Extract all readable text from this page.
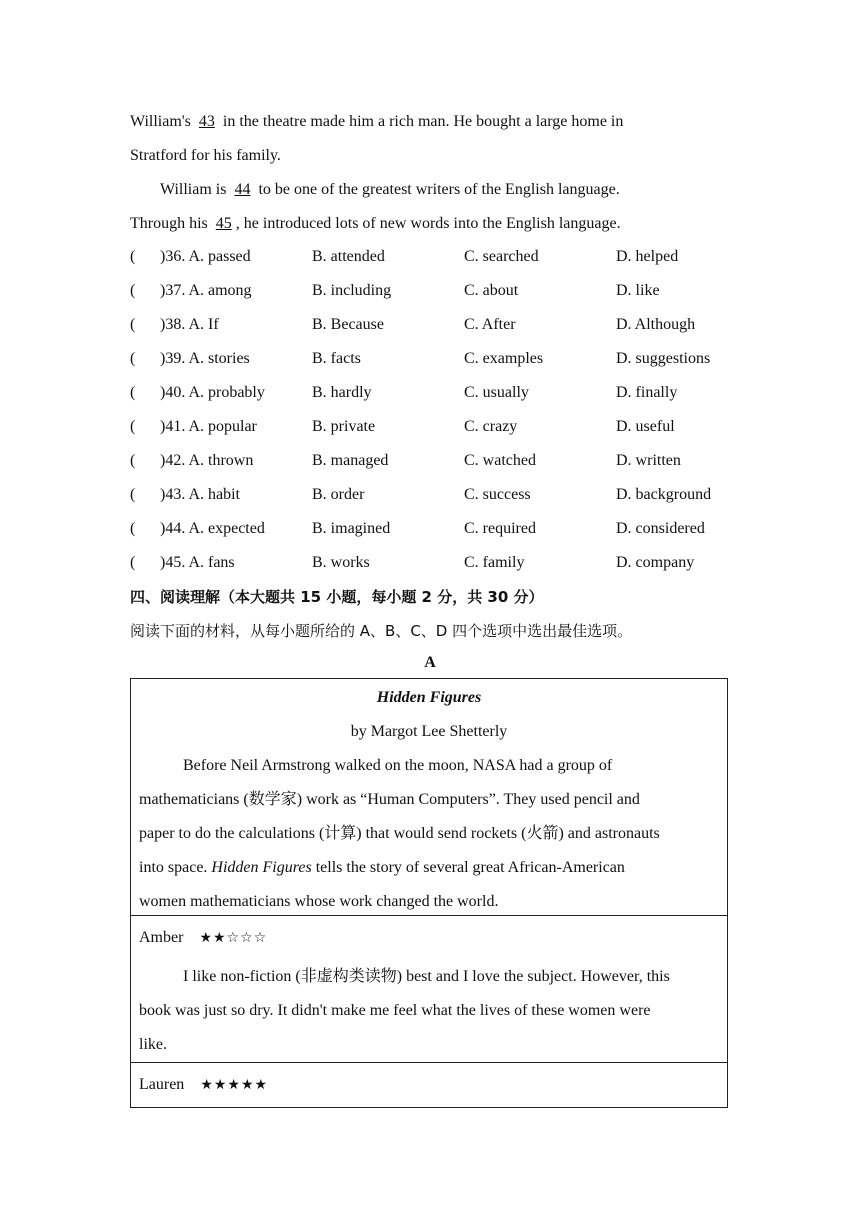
William's 43 in the theatre made him a rich man. He bought a large home in
Stratford for his family.
William is 44 to be one of the greatest writers of the English language.
Through his 45 , he introduced lots of new words into the English language.
( )36. A. passed	B. attended	C. searched	D. helped
( )37. A. among	B. including	C. about	D. like
( )38. A. If	B. Because	C. After	D. Although
( )39. A. stories	B. facts	C. examples	D. suggestions
( )40. A. probably	B. hardly	C. usually	D. finally
( )41. A. popular	B. private	C. crazy	D. useful
( )42. A. thrown	B. managed	C. watched	D. written
( )43. A. habit	B. order	C. success	D. background
( )44. A. expected	B. imagined	C. required	D. considered
( )45. A. fans	B. works	C. family	D. company
四、阅读理解（本大题共 15 小题，每小题 2 分，共 30 分）
阅读下面的材料，从每小题所给的 A、B、C、D 四个选项中选出最佳选项。
A
Hidden Figures
by Margot Lee Shetterly
Before Neil Armstrong walked on the moon, NASA had a group of
mathematicians (数学家) work as “Human Computers”. They used pencil and
paper to do the calculations (计算) that would send rockets (火箭) and astronauts
into space. Hidden Figures tells the story of several great African-American
women mathematicians whose work changed the world.
Amber ★★☆☆☆
I like non-fiction (非虚构类读物) best and I love the subject. However, this
book was just so dry. It didn't make me feel what the lives of these women were
like.
Lauren ★★★★★
